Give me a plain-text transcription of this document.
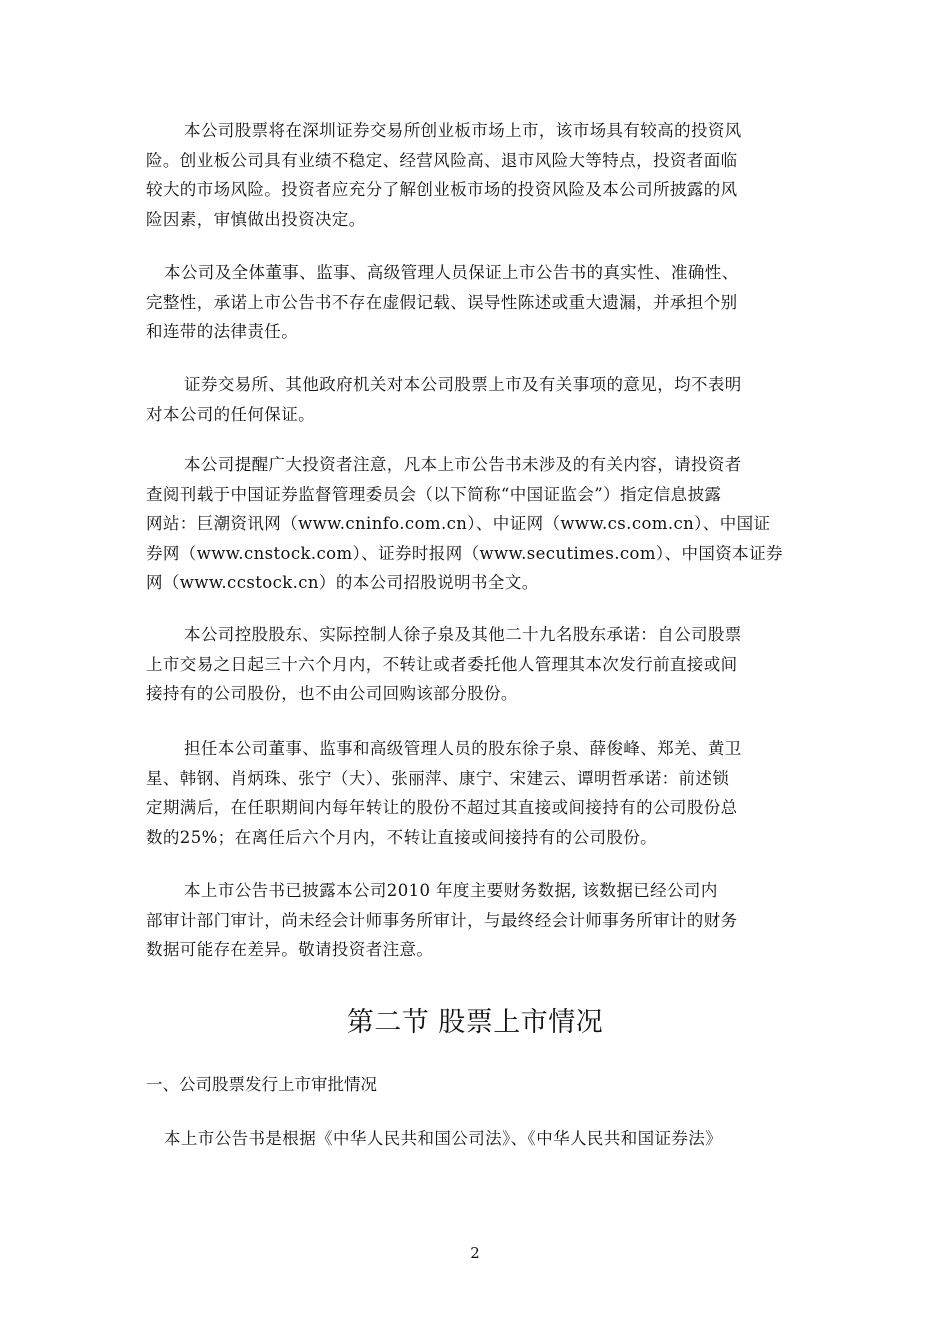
本公司股票将在深圳证券交易所创业板市场上市，该市场具有较高的投资风
险。创业板公司具有业绩不稳定、经营风险高、退市风险大等特点，投资者面临
较大的市场风险。投资者应充分了解创业板市场的投资风险及本公司所披露的风
险因素，审慎做出投资决定。
本公司及全体董事、监事、高级管理人员保证上市公告书的真实性、准确性、
完整性，承诺上市公告书不存在虚假记载、误导性陈述或重大遗漏，并承担个别
和连带的法律责任。
证券交易所、其他政府机关对本公司股票上市及有关事项的意见，均不表明
对本公司的任何保证。
本公司提醒广大投资者注意，凡本上市公告书未涉及的有关内容，请投资者
查阅刊载于中国证券监督管理委员会（以下简称“中国证监会”）指定信息披露
网站：巨潮资讯网（www.cninfo.com.cn）、中证网（www.cs.com.cn）、中国证
券网（www.cnstock.com）、证券时报网（www.secutimes.com）、中国资本证券
网（www.ccstock.cn）的本公司招股说明书全文。
本公司控股股东、实际控制人徐子泉及其他二十九名股东承诺：自公司股票
上市交易之日起三十六个月内，不转让或者委托他人管理其本次发行前直接或间
接持有的公司股份，也不由公司回购该部分股份。
担任本公司董事、监事和高级管理人员的股东徐子泉、薛俊峰、郑羌、黄卫
星、韩钢、肖炳珠、张宁（大）、张丽萍、康宁、宋建云、谭明哲承诺：前述锁
定期满后，在任职期间内每年转让的股份不超过其直接或间接持有的公司股份总
数的25%；在离任后六个月内，不转让直接或间接持有的公司股份。
本上市公告书已披露本公司2010 年度主要财务数据, 该数据已经公司内
部审计部门审计，尚未经会计师事务所审计，与最终经会计师事务所审计的财务
数据可能存在差异。敬请投资者注意。
第二节 股票上市情况
一、公司股票发行上市审批情况
本上市公告书是根据《中华人民共和国公司法》、《中华人民共和国证券法》
2
